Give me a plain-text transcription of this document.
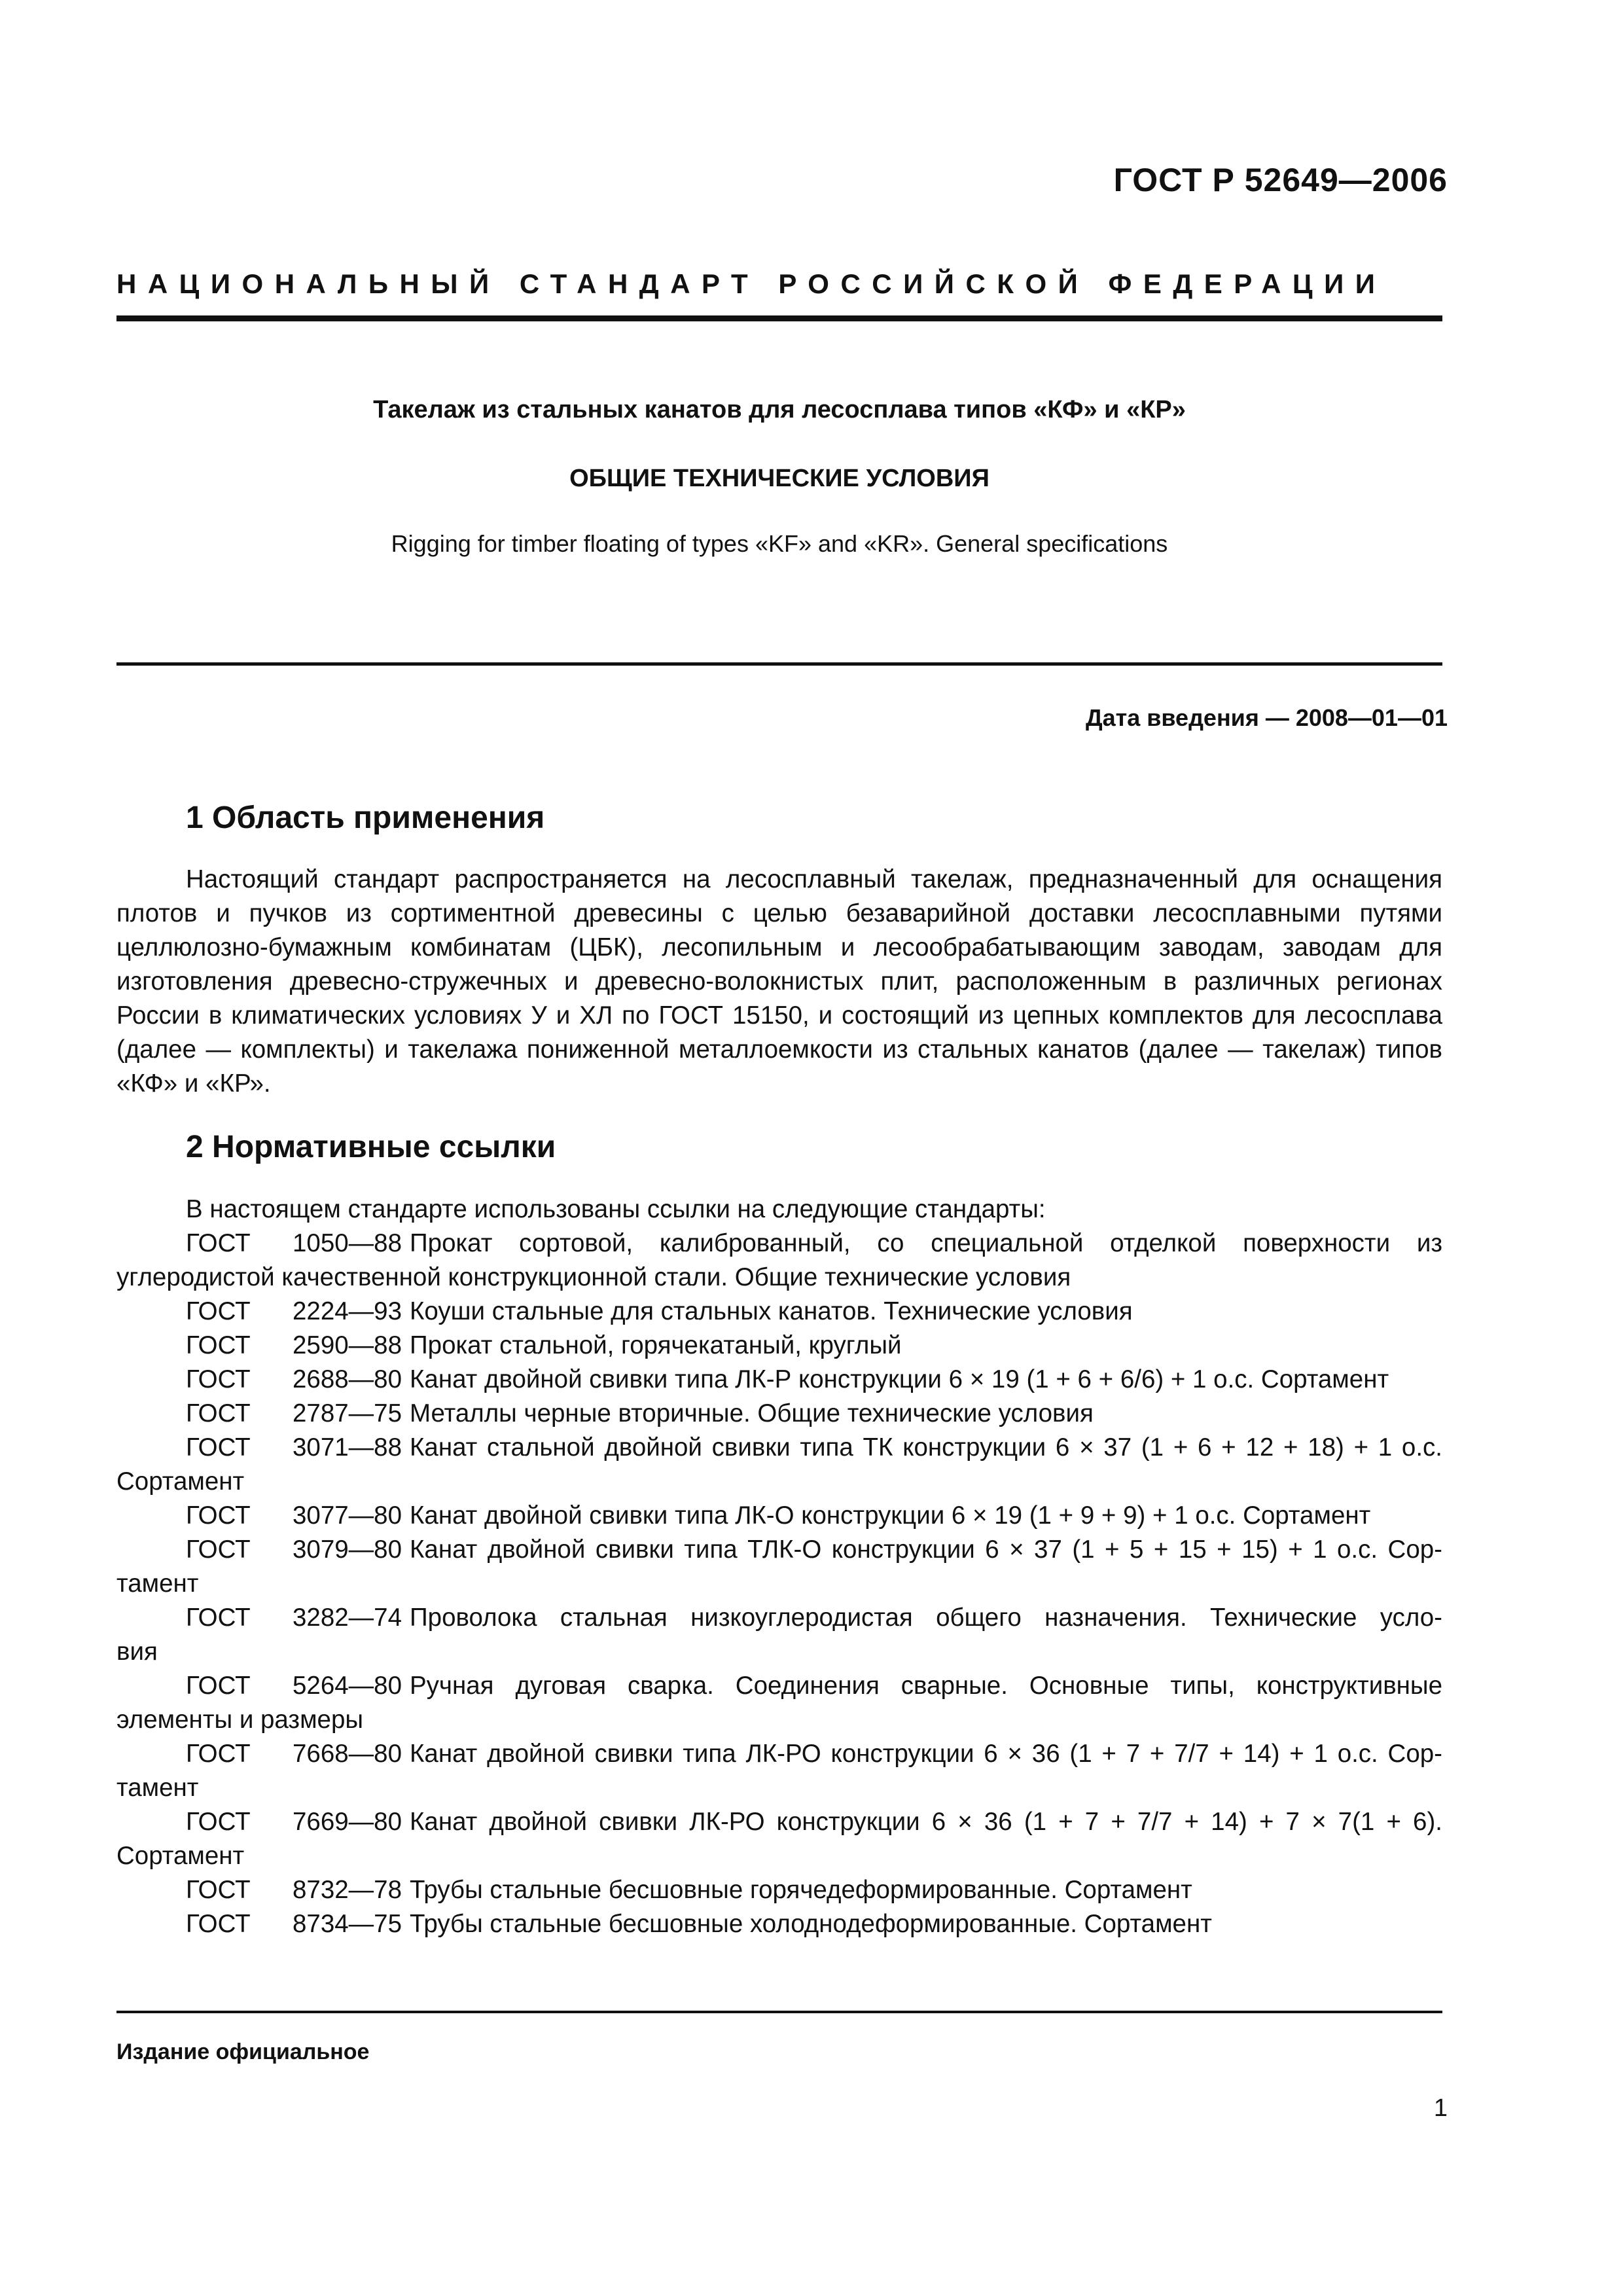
ГОСТ Р 52649—2006
НАЦИОНАЛЬНЫЙ СТАНДАРТ РОССИЙСКОЙ ФЕДЕРАЦИИ
Такелаж из стальных канатов для лесосплава типов «КФ» и «КР»
ОБЩИЕ ТЕХНИЧЕСКИЕ УСЛОВИЯ
Rigging for timber floating of types «KF» and «KR». General specifications
Дата введения — 2008—01—01
1 Область применения

Настоящий стандарт распространяется на лесосплавный такелаж, предназначенный для оснащения плотов и пучков из сортиментной древесины с целью безаварийной доставки лесосплавными путями целлюлозно-бумажным комбинатам (ЦБК), лесопильным и лесообрабатывающим заводам, заводам для изготовления древесно-стружечных и древесно-волокнистых плит, расположенным в различных регионах России в климатических условиях У и ХЛ по ГОСТ 15150, и состоящий из цепных комплектов для лесосплава (далее — комплекты) и такелажа пониженной металлоемкости из стальных канатов (далее — такелаж) типов «КФ» и «КР».

2 Нормативные ссылки
В настоящем стандарте использованы ссылки на следующие стандарты:
ГОСТ 1050—88 Прокат сортовой, калиброванный, со специальной отделкой поверхности из
углеродистой качественной конструкционной стали. Общие технические условия
ГОСТ 2224—93 Коуши стальные для стальных канатов. Технические условия
ГОСТ 2590—88 Прокат стальной, горячекатаный, круглый
ГОСТ 2688—80 Канат двойной свивки типа ЛК-Р конструкции 6 × 19 (1 + 6 + 6/6) + 1 о.с. Сортамент
ГОСТ 2787—75 Металлы черные вторичные. Общие технические условия
ГОСТ 3071—88 Канат стальной двойной свивки типа ТК конструкции 6 × 37 (1 + 6 + 12 + 18) + 1 о.с.
Сортамент
ГОСТ 3077—80 Канат двойной свивки типа ЛК-О конструкции 6 × 19 (1 + 9 + 9) + 1 о.с. Сортамент
ГОСТ 3079—80 Канат двойной свивки типа ТЛК-О конструкции 6 × 37 (1 + 5 + 15 + 15) + 1 о.с. Сор-
тамент
ГОСТ 3282—74 Проволока стальная низкоуглеродистая общего назначения. Технические усло-
вия
ГОСТ 5264—80 Ручная дуговая сварка. Соединения сварные. Основные типы, конструктивные
элементы и размеры
ГОСТ 7668—80 Канат двойной свивки типа ЛК-РО конструкции 6 × 36 (1 + 7 + 7/7 + 14) + 1 о.с. Сор-
тамент
ГОСТ 7669—80 Канат двойной свивки ЛК-РО конструкции 6 × 36 (1 + 7 + 7/7 + 14) + 7 × 7(1 + 6).
Сортамент
ГОСТ 8732—78 Трубы стальные бесшовные горячедеформированные. Сортамент
ГОСТ 8734—75 Трубы стальные бесшовные холоднодеформированные. Сортамент
Издание официальное
1
